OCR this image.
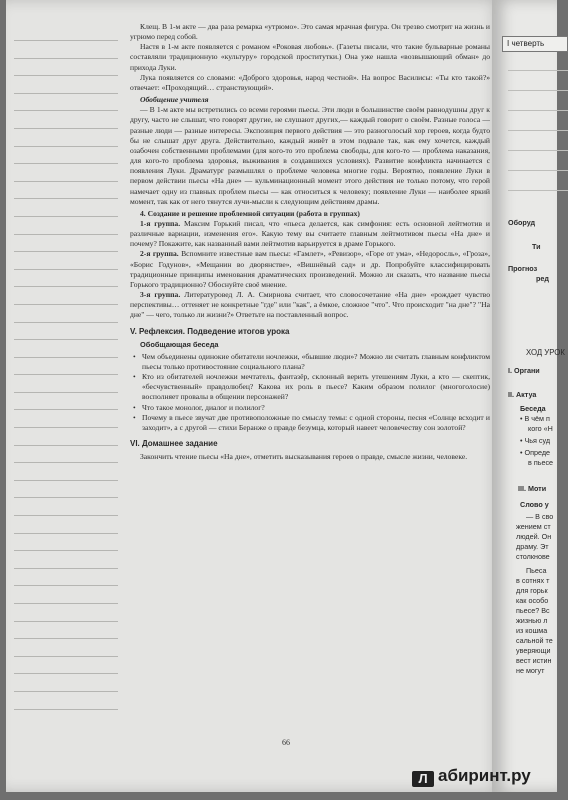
Клещ. В 1-м акте — два раза ремарка «утрюмо». Это самая мрачная фигура. Он трезво смотрит на жизнь и угрюмо перед собой.

Настя в 1-м акте появляется с романом «Роковая любовь». (Газеты писали, что такие бульварные романы составляли традиционную «культуру» городской проститутки.) Она уже нашла «возвышающий обман» до прихода Луки.

Лука появляется со словами: «Доброго здоровья, народ честной». На вопрос Василисы: «Ты кто такой?» отвечает: «Проходящий… странствующий».

Обобщение учителя

— В 1-м акте мы встретились со всеми героями пьесы. Эти люди в большинстве своём равнодушны друг к другу, часто не слышат, что говорят другие, не слушают других,— каждый говорит о своём. Разные голоса — разные люди — разные интересы. Экспозиция первого действия — это разноголосый хор героев, когда будто бы не слышат друг друга. Действительно, каждый живёт в этом подвале так, как ему хочется, каждый озабочен собственными проблемами (для кого-то это проблема свободы, для кого-то — проблема наказания, для кого-то проблема здоровья, выживания в создавшихся условиях). Развитие конфликта начинается с появления Луки. Драматург размышлял о проблеме человека многие годы. Вероятно, появление Луки в первом действии пьесы «На дне» — кульминационный момент этого действия не только потому, что герой намечает одну из главных проблем пьесы — как относиться к человеку; появление Луки — наиболее яркий момент, так как от него тянутся лучи-мысли к следующим действиям драмы.

4. Создание и решение проблемной ситуации (работа в группах)

1-я группа. Максим Горький писал, что «пьеса делается, как симфония: есть основной лейтмотив и различные вариации, изменения его». Какую тему вы считаете главным лейтмотивом пьесы «На дне» и почему? Покажите, как названный вами лейтмотив варьируется в драме Горького.

2-я группа. Вспомните известные вам пьесы: «Гамлет», «Ревизор», «Горе от ума», «Недоросль», «Гроза», «Борис Годунов», «Мещанин во дворянстве», «Вишнёвый сад» и др. Попробуйте классифицировать традиционные принципы именования драматических произведений. Можно ли сказать, что название пьесы Горького традиционно? Обоснуйте своё мнение.

3-я группа. Литературовед Л. А. Смирнова считает, что словосочетание «На дне» «рождает чувство перспективы… оттеняет не конкретные "где" или "как", а ёмкое, сложное "что". Что происходит "на дне"? "На дне" — чего, только ли жизни?» Ответьте на поставленный вопрос.

V. Рефлексия. Подведение итогов урока

Обобщающая беседа

• Чем объединены одинокие обитатели ночлежки, «бывшие люди»? Можно ли считать главным конфликтом пьесы только противостояние социального плана?
• Кто из обитателей ночлежки мечтатель, фантазёр, склонный верить утешениям Луки, а кто — скептик, «бесчувственный» правдолюбец? Какова их роль в пьесе? Каким образом полилог (многоголосие) восполняет провалы в общении персонажей?
• Что такое монолог, диалог и полилог?
• Почему в пьесе звучат две противоположные по смыслу темы: с одной стороны, песня «Солнце всходит и заходит», а с другой — стихи Беранже о правде безумца, который навеет человечеству сон золотой?

VI. Домашнее задание

Закончить чтение пьесы «На дне», отметить высказывания героев о правде, смысле жизни, человеке.

66
I четверть
Оборуд
Ти
Прогноз
ред
ХОД УРОК
I. Органи
II. Актуа
Беседа
• В чём п
кого «Н
• Чья суд
• Опреде
в пьесе
III. Моти
Слово у
— В сво
жением ст
людей. Он
драму. Эт
столкнове
Пьеса
в сотнях т
для горьк
как особо
пьесе? Вс
жизнью л
из кошма
сальной те
уверяющи
вест истин
не могут
Л абиринт.ру
